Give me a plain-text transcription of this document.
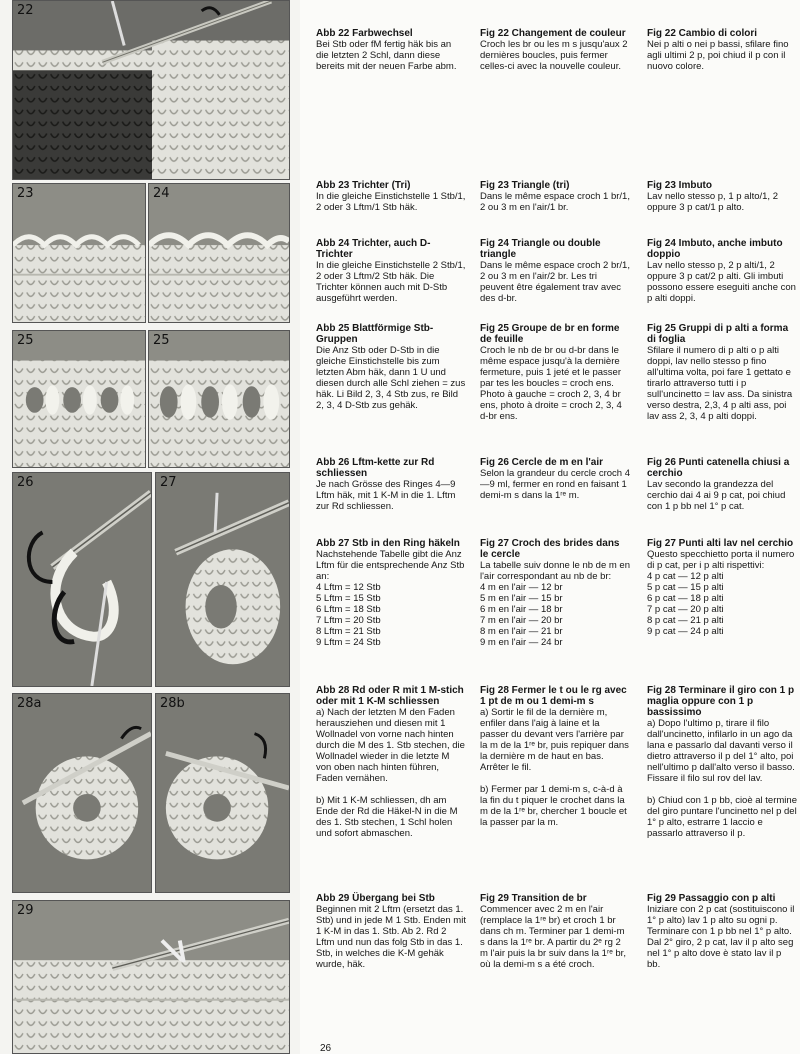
22
23	24
25	25
26	27
28a	28b
29
Abb 22 Farbwechsel

Bei Stb oder fM fertig häk bis an die letzten 2 Schl, dann diese bereits mit der neuen Farbe abm.

Abb 23 Trichter (Tri)

In die gleiche Einstichstelle 1 Stb/1, 2 oder 3 Lftm/1 Stb häk.

Abb 24 Trichter, auch D-Trichter

In die gleiche Einstichstelle 2 Stb/1, 2 oder 3 Lftm/2 Stb häk. Die Trichter können auch mit D-Stb ausgeführt werden.

Abb 25 Blattförmige Stb-Gruppen

Die Anz Stb oder D-Stb in die gleiche Einstichstelle bis zum letzten Abm häk, dann 1 U und diesen durch alle Schl ziehen = zus häk. Li Bild 2, 3, 4 Stb zus, re Bild 2, 3, 4 D-Stb zus gehäk.

Abb 26 Lftm-kette zur Rd schliessen

Je nach Grösse des Ringes 4—9 Lftm häk, mit 1 K-M in die 1. Lftm zur Rd schliessen.

Abb 27 Stb in den Ring häkeln

Nachstehende Tabelle gibt die Anz Lftm für die entsprechende Anz Stb an:

4 Lftm = 12 Stb
5 Lftm = 15 Stb
6 Lftm = 18 Stb
7 Lftm = 20 Stb
8 Lftm = 21 Stb
9 Lftm = 24 Stb
Abb 28 Rd oder R mit 1 M-stich oder mit 1 K-M schliessen

a) Nach der letzten M den Faden herausziehen und diesen mit 1 Wollnadel von vorne nach hinten durch die M des 1. Stb stechen, die Wollnadel wieder in die letzte M von oben nach hinten führen, Faden vernähen.

b) Mit 1 K-M schliessen, dh am Ende der Rd die Häkel-N in die M des 1. Stb stechen, 1 Schl holen und sofort abmaschen.

Abb 29 Übergang bei Stb

Beginnen mit 2 Lftm (ersetzt das 1. Stb) und in jede M 1 Stb. Enden mit 1 K-M in das 1. Stb. Ab 2. Rd 2 Lftm und nun das folg Stb in das 1. Stb, in welches die K-M gehäk wurde, häk.

Fig 22 Changement de couleur

Croch les br ou les m s jusqu'aux 2 dernières boucles, puis fermer celles-ci avec la nouvelle couleur.

Fig 23 Triangle (tri)

Dans le même espace croch 1 br/1, 2 ou 3 m en l'air/1 br.

Fig 24 Triangle ou double triangle

Dans le même espace croch 2 br/1, 2 ou 3 m en l'air/2 br. Les tri peuvent être également trav avec des d-br.

Fig 25 Groupe de br en forme de feuille

Croch le nb de br ou d-br dans le même espace jusqu'à la dernière fermeture, puis 1 jeté et le passer par tes les boucles = croch ens. Photo à gauche = croch 2, 3, 4 br ens, photo à droite = croch 2, 3, 4 d-br ens.

Fig 26 Cercle de m en l'air

Selon la grandeur du cercle croch 4—9 ml, fermer en rond en faisant 1 demi-m s dans la 1ʳᵉ m.

Fig 27 Croch des brides dans le cercle

La tabelle suiv donne le nb de m en l'air correspondant au nb de br:

4 m en l'air — 12 br
5 m en l'air — 15 br
6 m en l'air — 18 br
7 m en l'air — 20 br
8 m en l'air — 21 br
9 m en l'air — 24 br
Fig 28 Fermer le t ou le rg avec 1 pt de m ou 1 demi-m s

a) Sortir le fil de la dernière m, enfiler dans l'aig à laine et la passer du devant vers l'arrière par la m de la 1ʳᵉ br, puis repiquer dans la dernière m de haut en bas. Arrêter le fil.

b) Fermer par 1 demi-m s, c-à-d à la fin du t piquer le crochet dans la m de la 1ʳᵉ br, chercher 1 boucle et la passer par la m.

Fig 29 Transition de br

Commencer avec 2 m en l'air (remplace la 1ʳᵉ br) et croch 1 br dans ch m. Terminer par 1 demi-m s dans la 1ʳᵉ br. A partir du 2ᵉ rg 2 m l'air puis la br suiv dans la 1ʳᵉ br, où la demi-m s a été croch.

Fig 22 Cambio di colori

Nei p alti o nei p bassi, sfilare fino agli ultimi 2 p, poi chiud il p con il nuovo colore.

Fig 23 Imbuto

Lav nello stesso p, 1 p alto/1, 2 oppure 3 p cat/1 p alto.

Fig 24 Imbuto, anche imbuto doppio

Lav nello stesso p, 2 p alti/1, 2 oppure 3 p cat/2 p alti. Gli imbuti possono essere eseguiti anche con p alti doppi.

Fig 25 Gruppi di p alti a forma di foglia

Sfilare il numero di p alti o p alti doppi, lav nello stesso p fino all'ultima volta, poi fare 1 gettato e tirarlo attraverso tutti i p sull'uncinetto = lav ass. Da sinistra verso destra, 2,3, 4 p alti ass, poi lav ass 2, 3, 4 p alti doppi.

Fig 26 Punti catenella chiusi a cerchio

Lav secondo la grandezza del cerchio dai 4 ai 9 p cat, poi chiud con 1 p bb nel 1° p cat.

Fig 27 Punti alti lav nel cerchio

Questo specchietto porta il numero di p cat, per i p alti rispettivi:

4 p cat — 12 p alti
5 p cat — 15 p alti
6 p cat — 18 p alti
7 p cat — 20 p alti
8 p cat — 21 p alti
9 p cat — 24 p alti
Fig 28 Terminare il giro con 1 p maglia oppure con 1 p bassissimo

a) Dopo l'ultimo p, tirare il filo dall'uncinetto, infilarlo in un ago da lana e passarlo dal davanti verso il dietro attraverso il p del 1° alto, poi nell'ultimo p dall'alto verso il basso. Fissare il filo sul rov del lav.

b) Chiud con 1 p bb, cioè al termine del giro puntare l'uncinetto nel p del 1° p alto, estrarre 1 laccio e passarlo attraverso il p.

Fig 29 Passaggio con p alti

Iniziare con 2 p cat (sostituiscono il 1° p alto) lav 1 p alto su ogni p. Terminare con 1 p bb nel 1° p alto. Dal 2° giro, 2 p cat, lav il p alto seg nel 1° p alto dove è stato lav il p bb.

26
